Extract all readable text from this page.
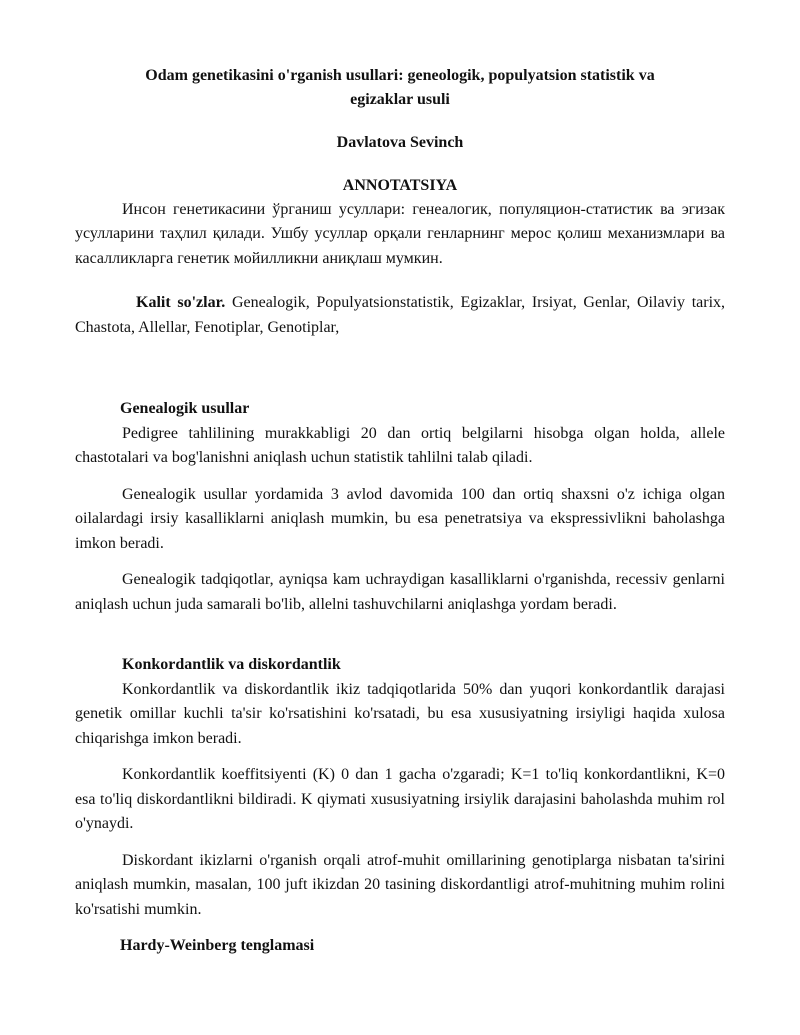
Odam genetikasini o'rganish usullari: geneologik, populyatsion statistik va
egizaklar usuli

Davlatova Sevinch

ANNOTATSIYA

Инсон генетикасини ўрганиш усуллари: генеалогик, популяцион-статистик ва эгизак усулларини таҳлил қилади. Ушбу усуллар орқали генларнинг мерос қолиш механизмлари ва касалликларга генетик мойилликни аниқлаш мумкин.

Kalit so'zlar. Genealogik, Populyatsionstatistik, Egizaklar, Irsiyat, Genlar, Oilaviy tarix, Chastota, Allellar, Fenotiplar, Genotiplar,

Genealogik usullar

Pedigree tahlilining murakkabligi 20 dan ortiq belgilarni hisobga olgan holda, allele chastotalari va bog'lanishni aniqlash uchun statistik tahlilni talab qiladi.

Genealogik usullar yordamida 3 avlod davomida 100 dan ortiq shaxsni o'z ichiga olgan oilalardagi irsiy kasalliklarni aniqlash mumkin, bu esa penetratsiya va ekspressivlikni baholashga imkon beradi.

Genealogik tadqiqotlar, ayniqsa kam uchraydigan kasalliklarni o'rganishda, recessiv genlarni aniqlash uchun juda samarali bo'lib, allelni tashuvchilarni aniqlashga yordam beradi.

Konkordantlik va diskordantlik

Konkordantlik va diskordantlik ikiz tadqiqotlarida 50% dan yuqori konkordantlik darajasi genetik omillar kuchli ta'sir ko'rsatishini ko'rsatadi, bu esa xususiyatning irsiyligi haqida xulosa chiqarishga imkon beradi.

Konkordantlik koeffitsiyenti (K) 0 dan 1 gacha o'zgaradi; K=1 to'liq konkordantlikni, K=0 esa to'liq diskordantlikni bildiradi. K qiymati xususiyatning irsiylik darajasini baholashda muhim rol o'ynaydi.

Diskordant ikizlarni o'rganish orqali atrof-muhit omillarining genotiplarga nisbatan ta'sirini aniqlash mumkin, masalan, 100 juft ikizdan 20 tasining diskordantligi atrof-muhitning muhim rolini ko'rsatishi mumkin.

Hardy-Weinberg tenglamasi
